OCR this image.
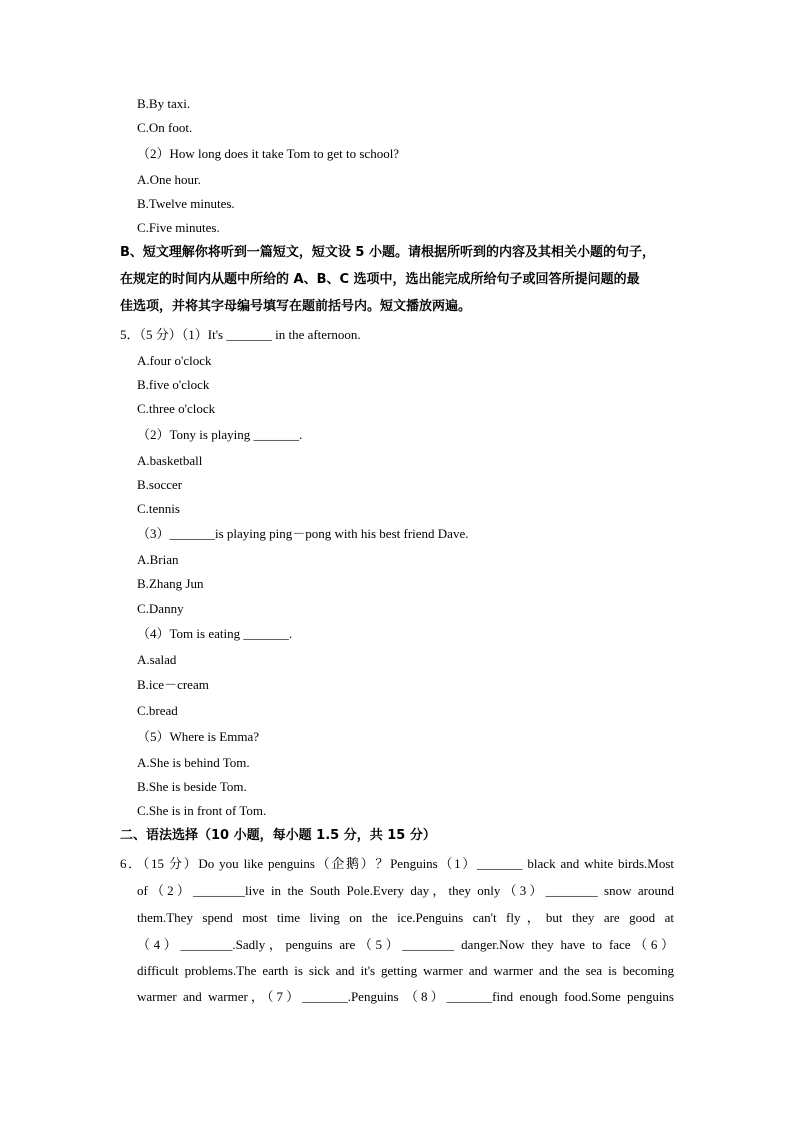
B.By taxi.
C.On foot.
（2）How long does it take Tom to get to school?
A.One hour.
B.Twelve minutes.
C.Five minutes.
B、短文理解你将听到一篇短文，短文设 5 小题。请根据所听到的内容及其相关小题的句子，
在规定的时间内从题中所给的 A、B、C 选项中，选出能完成所给句子或回答所提问题的最
佳选项，并将其字母编号填写在题前括号内。短文播放两遍。
5．（5 分）（1）It's _______ in the afternoon.
A.four o'clock
B.five o'clock
C.three o'clock
（2）Tony is playing _______.
A.basketball
B.soccer
C.tennis
（3）_______is playing ping－pong with his best friend Dave.
A.Brian
B.Zhang Jun
C.Danny
（4）Tom is eating _______.
A.salad
B.ice－cream
C.bread
（5）Where is Emma?
A.She is behind Tom.
B.She is beside Tom.
C.She is in front of Tom.
二、语法选择（10 小题，每小题 1.5 分，共 15 分）
6．（15 分）Do you like penguins（企鹅）？Penguins（1）_______ black and white birds.Most
of（2）________live in the South Pole.Every day，they only（3）________ snow around
them.They spend most time living on the ice.Penguins can't fly，but they are good at
（4）________.Sadly，penguins are（5）________ danger.Now they have to face（6）
difficult problems.The earth is sick and it's getting warmer and warmer and the sea is becoming
warmer and warmer，（7）_______.Penguins （8）_______find enough food.Some penguins
